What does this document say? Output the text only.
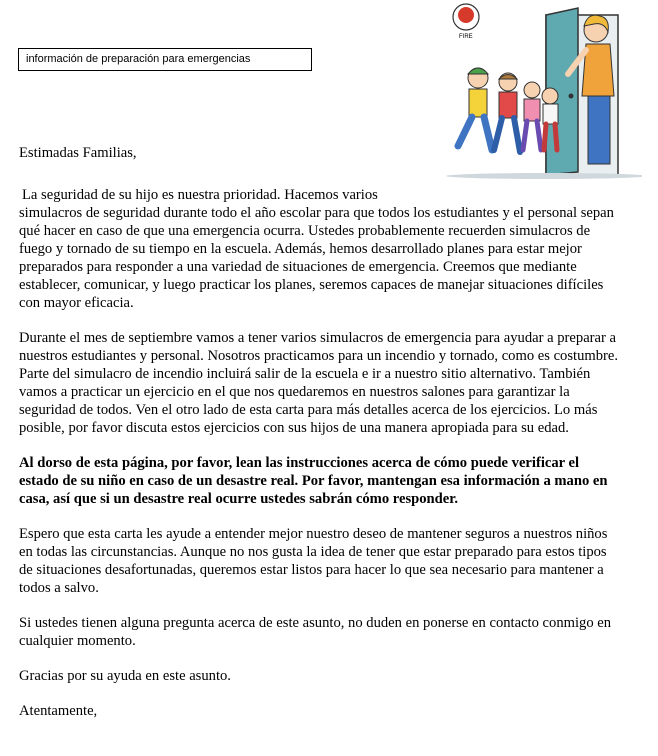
información de preparación para emergencias
FIRE

Estimadas Familias,

La seguridad de su hijo es nuestra prioridad. Hacemos varios
simulacros de seguridad durante todo el año escolar para que todos los estudiantes y el personal sepan qué hacer en caso de que una emergencia ocurra. Ustedes probablemente recuerden simulacros de fuego y tornado de su tiempo en la escuela. Además, hemos desarrollado planes para estar mejor preparados para responder a una variedad de situaciones de emergencia. Creemos que mediante establecer, comunicar, y luego practicar los planes, seremos capaces de manejar situaciones difíciles con mayor eficacia.

Durante el mes de septiembre vamos a tener varios simulacros de emergencia para ayudar a preparar a nuestros estudiantes y personal. Nosotros practicamos para un incendio y tornado, como es costumbre. Parte del simulacro de incendio incluirá salir de la escuela e ir a nuestro sitio alternativo. También vamos a practicar un ejercicio en el que nos quedaremos en nuestros salones para garantizar la seguridad de todos. Ven el otro lado de esta carta para más detalles acerca de los ejercicios. Lo más posible, por favor discuta estos ejercicios con sus hijos de una manera apropiada para su edad.

Al dorso de esta página, por favor, lean las instrucciones acerca de cómo puede verificar el estado de su niño en caso de un desastre real. Por favor, mantengan esa información a mano en casa, así que si un desastre real ocurre ustedes sabrán cómo responder.

Espero que esta carta les ayude a entender mejor nuestro deseo de mantener seguros a nuestros niños en todas las circunstancias. Aunque no nos gusta la idea de tener que estar preparado para estos tipos de situaciones desafortunadas, queremos estar listos para hacer lo que sea necesario para mantener a todos a salvo.

Si ustedes tienen alguna pregunta acerca de este asunto, no duden en ponerse en contacto conmigo en cualquier momento.

Gracias por su ayuda en este asunto.

Atentamente,
